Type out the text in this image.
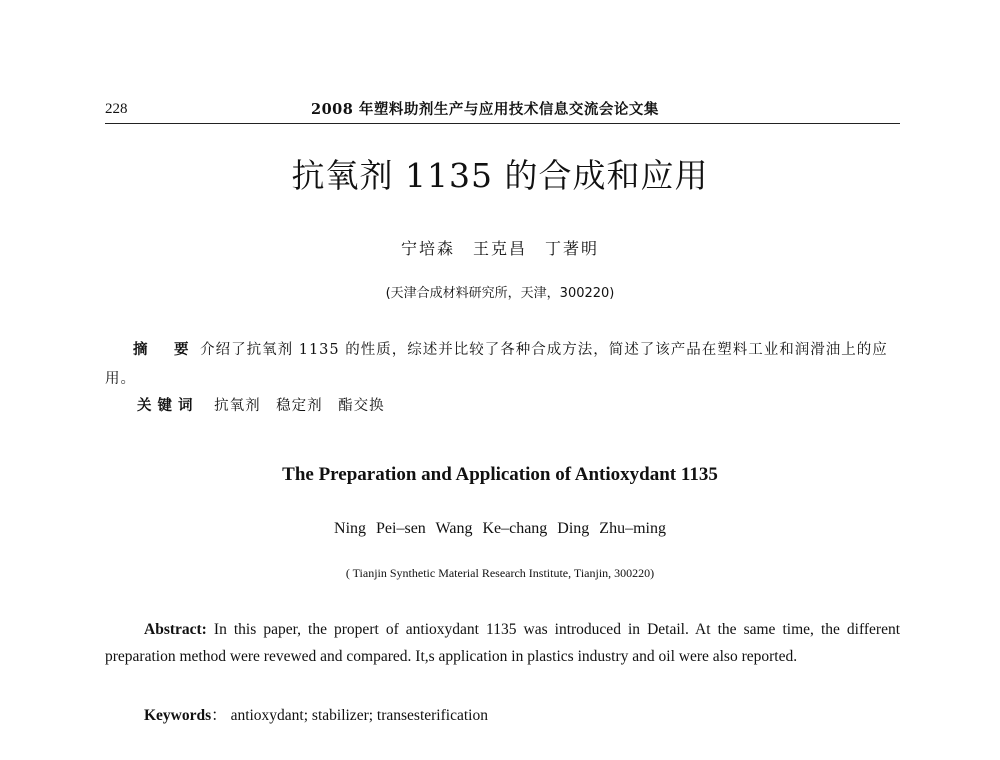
228	2008 年塑料助剂生产与应用技术信息交流会论文集
抗氧剂 1135 的合成和应用
宁培森　王克昌　丁著明
(天津合成材料研究所，天津，300220)
摘　要 介绍了抗氧剂 1135 的性质，综述并比较了各种合成方法，简述了该产品在塑料工业和润滑油上的应用。
关键词 抗氧剂　稳定剂　酯交换
The Preparation and Application of Antioxydant 1135
Ning Pei–sen Wang Ke–chang Ding Zhu–ming
( Tianjin Synthetic Material Research Institute, Tianjin, 300220)
Abstract: In this paper, the propert of antioxydant 1135 was introduced in Detail. At the same time, the different preparation method were revewed and compared. It,s application in plastics industry and oil were also reported.
Keywords： antioxydant; stabilizer; transesterification
